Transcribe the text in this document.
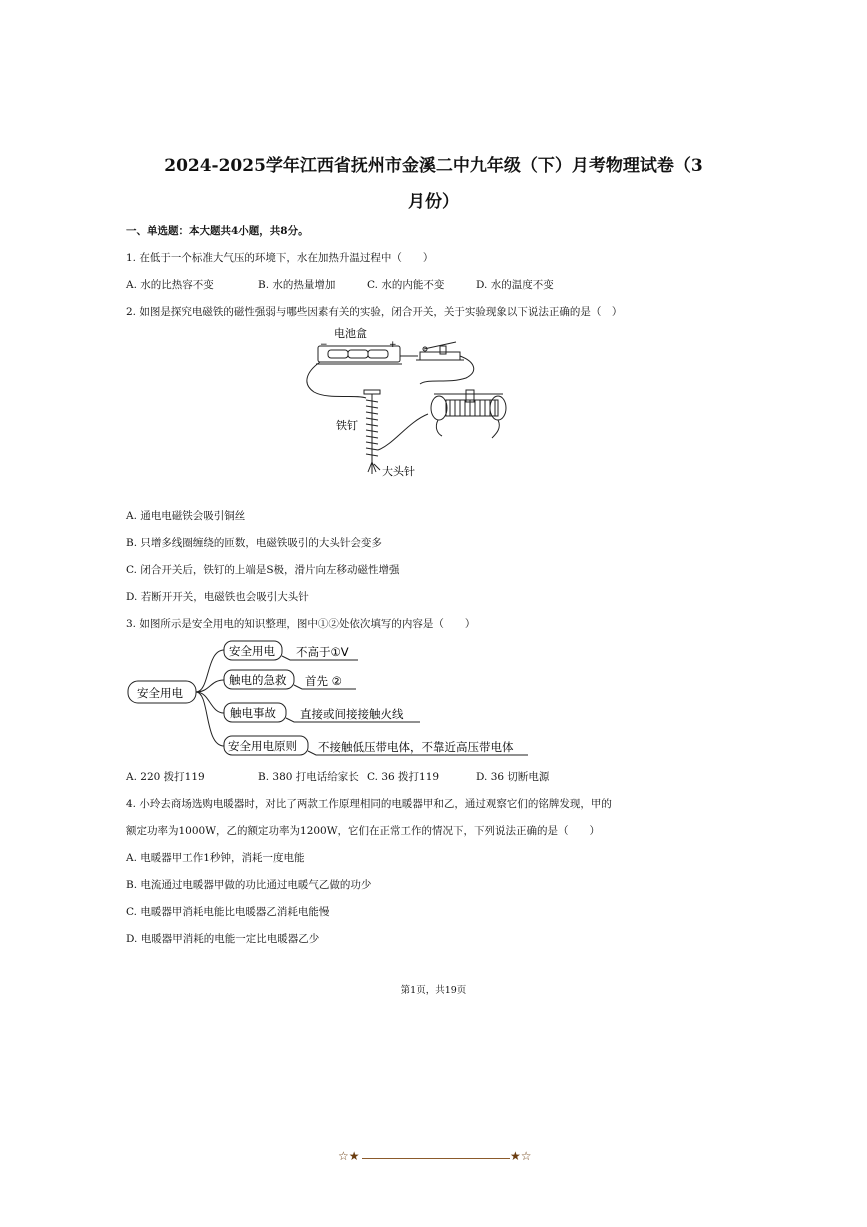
2024-2025学年江西省抚州市金溪二中九年级（下）月考物理试卷（3
月份）
一、单选题：本大题共4小题，共8分。
1. 在低于一个标准大气压的环境下，水在加热升温过程中（　　）
A. 水的比热容不变	B. 水的热量增加	C. 水的内能不变	D. 水的温度不变
2. 如图是探究电磁铁的磁性强弱与哪些因素有关的实验，闭合开关，关于实验现象以下说法正确的是（　）
电池盒
−	+
铁钉
大头针
A. 通电电磁铁会吸引铜丝
B. 只增多线圈缠绕的匝数，电磁铁吸引的大头针会变多
C. 闭合开关后，铁钉的上端是S极，滑片向左移动磁性增强
D. 若断开开关，电磁铁也会吸引大头针
3. 如图所示是安全用电的知识整理，图中①②处依次填写的内容是（　　）
安全用电
安全用电 不高于①V
触电的急救 首先 ②
触电事故 直接或间接接触火线
安全用电原则 不接触低压带电体，不靠近高压带电体
A. 220 拨打119	B. 380 打电话给家长 C. 36 拨打119	D. 36 切断电源
4. 小玲去商场选购电暖器时，对比了两款工作原理相同的电暖器甲和乙，通过观察它们的铭牌发现，甲的
额定功率为1000W，乙的额定功率为1200W，它们在正常工作的情况下，下列说法正确的是（　　）
A. 电暖器甲工作1秒钟，消耗一度电能
B. 电流通过电暖器甲做的功比通过电暖气乙做的功少
C. 电暖器甲消耗电能比电暖器乙消耗电能慢
D. 电暖器甲消耗的电能一定比电暖器乙少
第1页，共19页
☆★	★☆
